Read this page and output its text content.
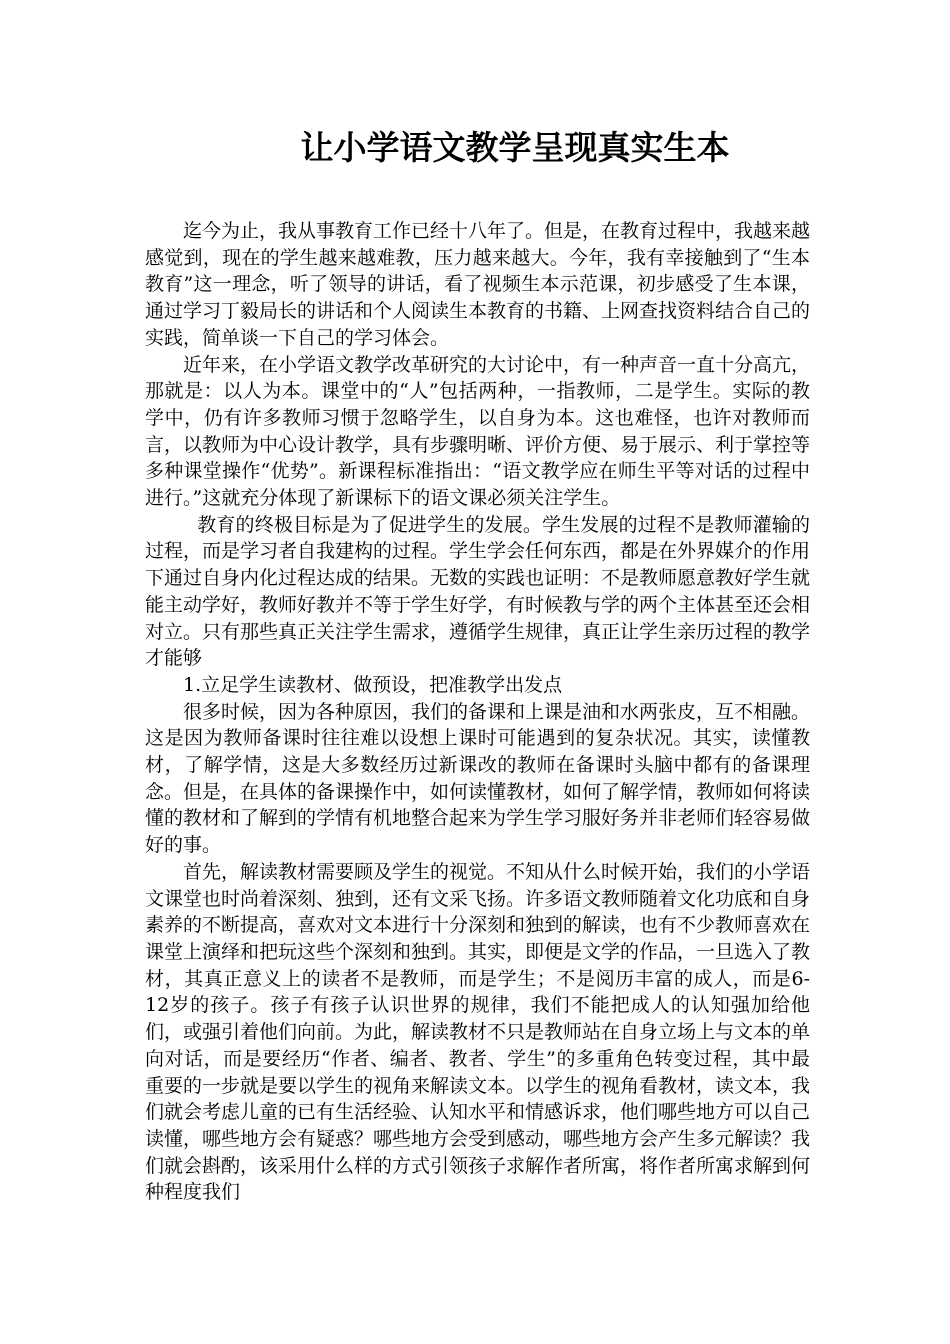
让小学语文教学呈现真实生本

迄今为止，我从事教育工作已经十八年了。但是，在教育过程中，我越来越感觉到，现在的学生越来越难教，压力越来越大。今年，我有幸接触到了“生本教育”这一理念，听了领导的讲话，看了视频生本示范课，初步感受了生本课，通过学习丁毅局长的讲话和个人阅读生本教育的书籍、上网查找资料结合自己的实践，简单谈一下自己的学习体会。

近年来，在小学语文教学改革研究的大讨论中，有一种声音一直十分高亢，那就是：以人为本。课堂中的“人”包括两种，一指教师，二是学生。实际的教学中，仍有许多教师习惯于忽略学生，以自身为本。这也难怪，也许对教师而言，以教师为中心设计教学，具有步骤明晰、评价方便、易于展示、利于掌控等多种课堂操作“优势”。新课程标准指出：“语文教学应在师生平等对话的过程中进行。”这就充分体现了新课标下的语文课必须关注学生。

教育的终极目标是为了促进学生的发展。学生发展的过程不是教师灌输的过程，而是学习者自我建构的过程。学生学会任何东西，都是在外界媒介的作用下通过自身内化过程达成的结果。无数的实践也证明：不是教师愿意教好学生就能主动学好，教师好教并不等于学生好学，有时候教与学的两个主体甚至还会相对立。只有那些真正关注学生需求，遵循学生规律，真正让学生亲历过程的教学才能够

1.立足学生读教材、做预设，把准教学出发点

很多时候，因为各种原因，我们的备课和上课是油和水两张皮，互不相融。这是因为教师备课时往往难以设想上课时可能遇到的复杂状况。其实，读懂教材，了解学情，这是大多数经历过新课改的教师在备课时头脑中都有的备课理念。但是，在具体的备课操作中，如何读懂教材，如何了解学情，教师如何将读懂的教材和了解到的学情有机地整合起来为学生学习服好务并非老师们轻容易做好的事。

首先，解读教材需要顾及学生的视觉。不知从什么时候开始，我们的小学语文课堂也时尚着深刻、独到，还有文采飞扬。许多语文教师随着文化功底和自身素养的不断提高，喜欢对文本进行十分深刻和独到的解读，也有不少教师喜欢在课堂上演绎和把玩这些个深刻和独到。其实，即便是文学的作品，一旦选入了教材，其真正意义上的读者不是教师，而是学生；不是阅历丰富的成人，而是6-12岁的孩子。孩子有孩子认识世界的规律，我们不能把成人的认知强加给他们，或强引着他们向前。为此，解读教材不只是教师站在自身立场上与文本的单向对话，而是要经历“作者、编者、教者、学生”的多重角色转变过程，其中最重要的一步就是要以学生的视角来解读文本。以学生的视角看教材，读文本，我们就会考虑儿童的已有生活经验、认知水平和情感诉求，他们哪些地方可以自己读懂，哪些地方会有疑惑？哪些地方会受到感动，哪些地方会产生多元解读？我们就会斟酌，该采用什么样的方式引领孩子求解作者所寓，将作者所寓求解到何种程度我们
